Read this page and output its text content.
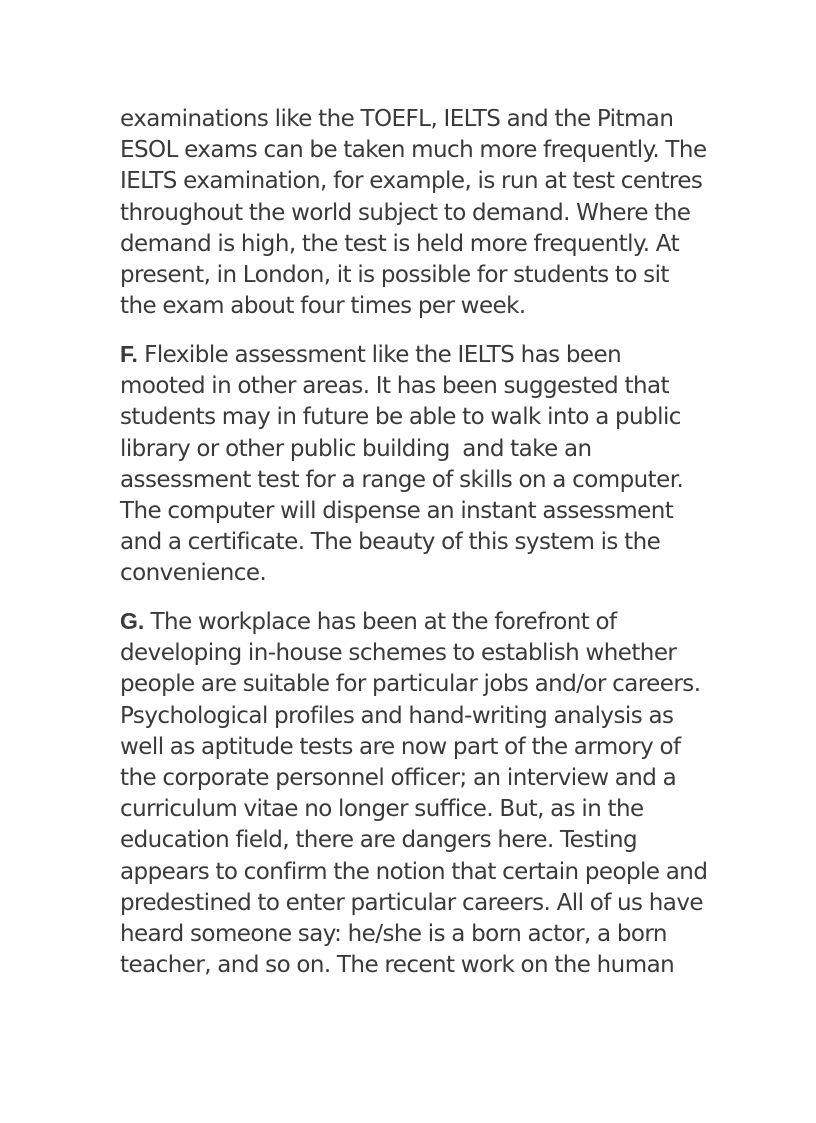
examinations like the TOEFL, IELTS and the Pitman
ESOL exams can be taken much more frequently. The
IELTS examination, for example, is run at test centres
throughout the world subject to demand. Where the
demand is high, the test is held more frequently. At
present, in London, it is possible for students to sit
the exam about four times per week.

F. Flexible assessment like the IELTS has been
mooted in other areas. It has been suggested that
students may in future be able to walk into a public
library or other public building  and take an
assessment test for a range of skills on a computer.
The computer will dispense an instant assessment
and a certificate. The beauty of this system is the
convenience.

G. The workplace has been at the forefront of
developing in-house schemes to establish whether
people are suitable for particular jobs and/or careers.
Psychological profiles and hand-writing analysis as
well as aptitude tests are now part of the armory of
the corporate personnel officer; an interview and a
curriculum vitae no longer suffice. But, as in the
education field, there are dangers here. Testing
appears to confirm the notion that certain people and
predestined to enter particular careers. All of us have
heard someone say: he/she is a born actor, a born
teacher, and so on. The recent work on the human
